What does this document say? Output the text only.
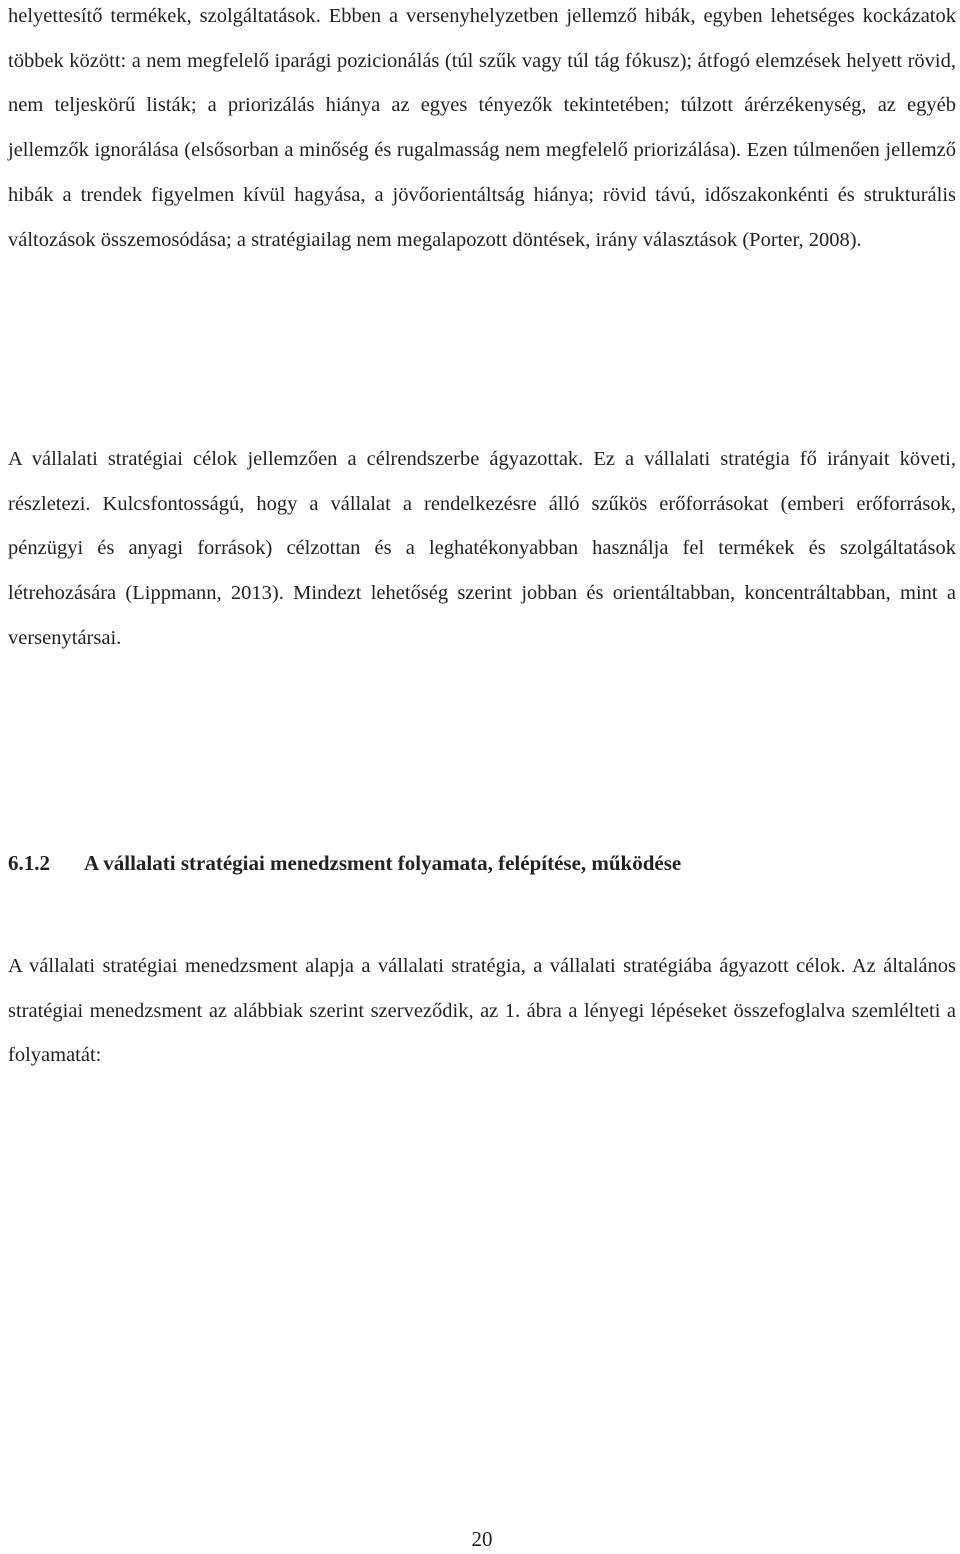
helyettesítő termékek, szolgáltatások. Ebben a versenyhelyzetben jellemző hibák, egyben lehetséges kockázatok többek között: a nem megfelelő iparági pozicionálás (túl szűk vagy túl tág fókusz); átfogó elemzések helyett rövid, nem teljeskörű listák; a priorizálás hiánya az egyes tényezők tekintetében; túlzott árérzékenység, az egyéb jellemzők ignorálása (elsősorban a minőség és rugalmasság nem megfelelő priorizálása). Ezen túlmenően jellemző hibák a trendek figyelmen kívül hagyása, a jövőorientáltság hiánya; rövid távú, időszakonkénti és strukturális változások összemosódása; a stratégiailag nem megalapozott döntések, irány választások (Porter, 2008).

A vállalati stratégiai célok jellemzően a célrendszerbe ágyazottak. Ez a vállalati stratégia fő irányait követi, részletezi. Kulcsfontosságú, hogy a vállalat a rendelkezésre álló szűkös erőforrásokat (emberi erőforrások, pénzügyi és anyagi források) célzottan és a leghatékonyabban használja fel termékek és szolgáltatások létrehozására (Lippmann, 2013). Mindezt lehetőség szerint jobban és orientáltabban, koncentráltabban, mint a versenytársai.

6.1.2 A vállalati stratégiai menedzsment folyamata, felépítése, működése

A vállalati stratégiai menedzsment alapja a vállalati stratégia, a vállalati stratégiába ágyazott célok. Az általános stratégiai menedzsment az alábbiak szerint szerveződik, az 1. ábra a lényegi lépéseket összefoglalva szemlélteti a folyamatát:

20
